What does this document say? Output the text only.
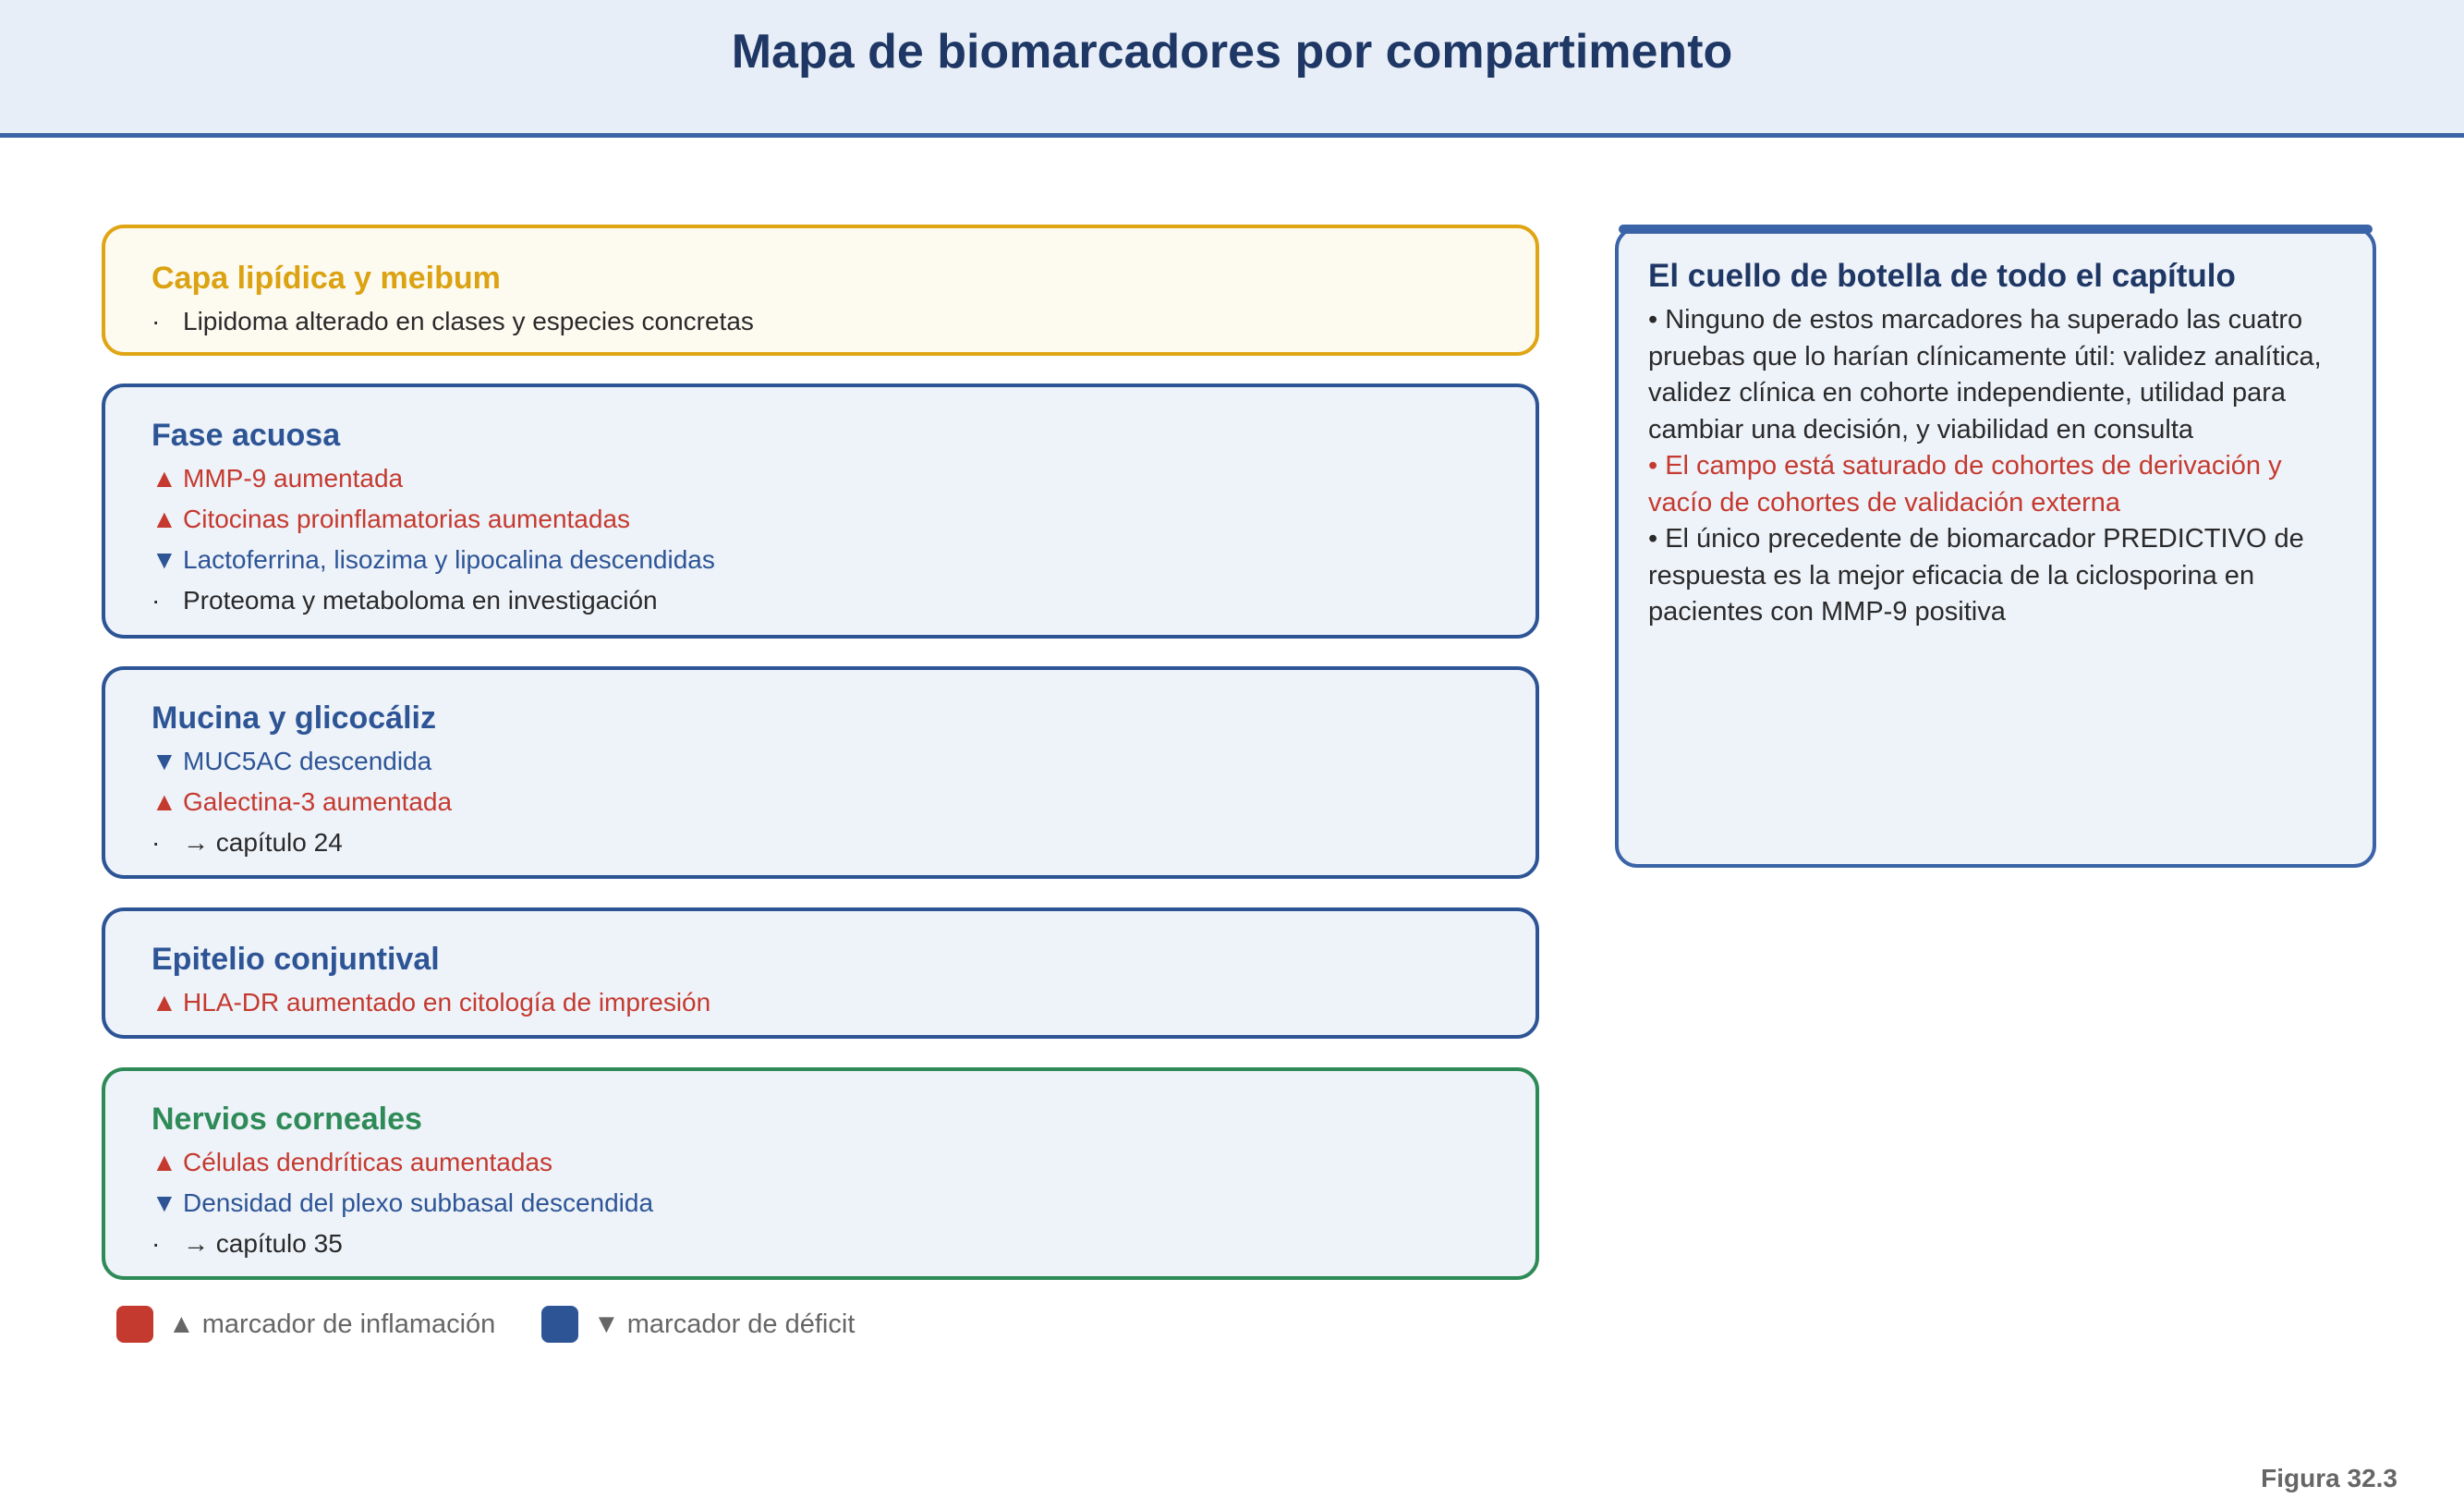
Mapa de biomarcadores por compartimento
Capa lipídica y meibum
· Lipidoma alterado en clases y especies concretas
Fase acuosa
▲ MMP-9 aumentada
▲ Citocinas proinflamatorias aumentadas
▼ Lactoferrina, lisozima y lipocalina descendidas
· Proteoma y metaboloma en investigación
Mucina y glicocáliz
▼ MUC5AC descendida
▲ Galectina-3 aumentada
· → capítulo 24
Epitelio conjuntival
▲ HLA-DR aumentado en citología de impresión
Nervios corneales
▲ Células dendríticas aumentadas
▼ Densidad del plexo subbasal descendida
· → capítulo 35
El cuello de botella de todo el capítulo
• Ninguno de estos marcadores ha superado las cuatro pruebas que lo harían clínicamente útil: validez analítica, validez clínica en cohorte independiente, utilidad para cambiar una decisión, y viabilidad en consulta
• El campo está saturado de cohortes de derivación y vacío de cohortes de validación externa
• El único precedente de biomarcador PREDICTIVO de respuesta es la mejor eficacia de la ciclosporina en pacientes con MMP-9 positiva
▲ marcador de inflamación	▼ marcador de déficit
Figura 32.3
